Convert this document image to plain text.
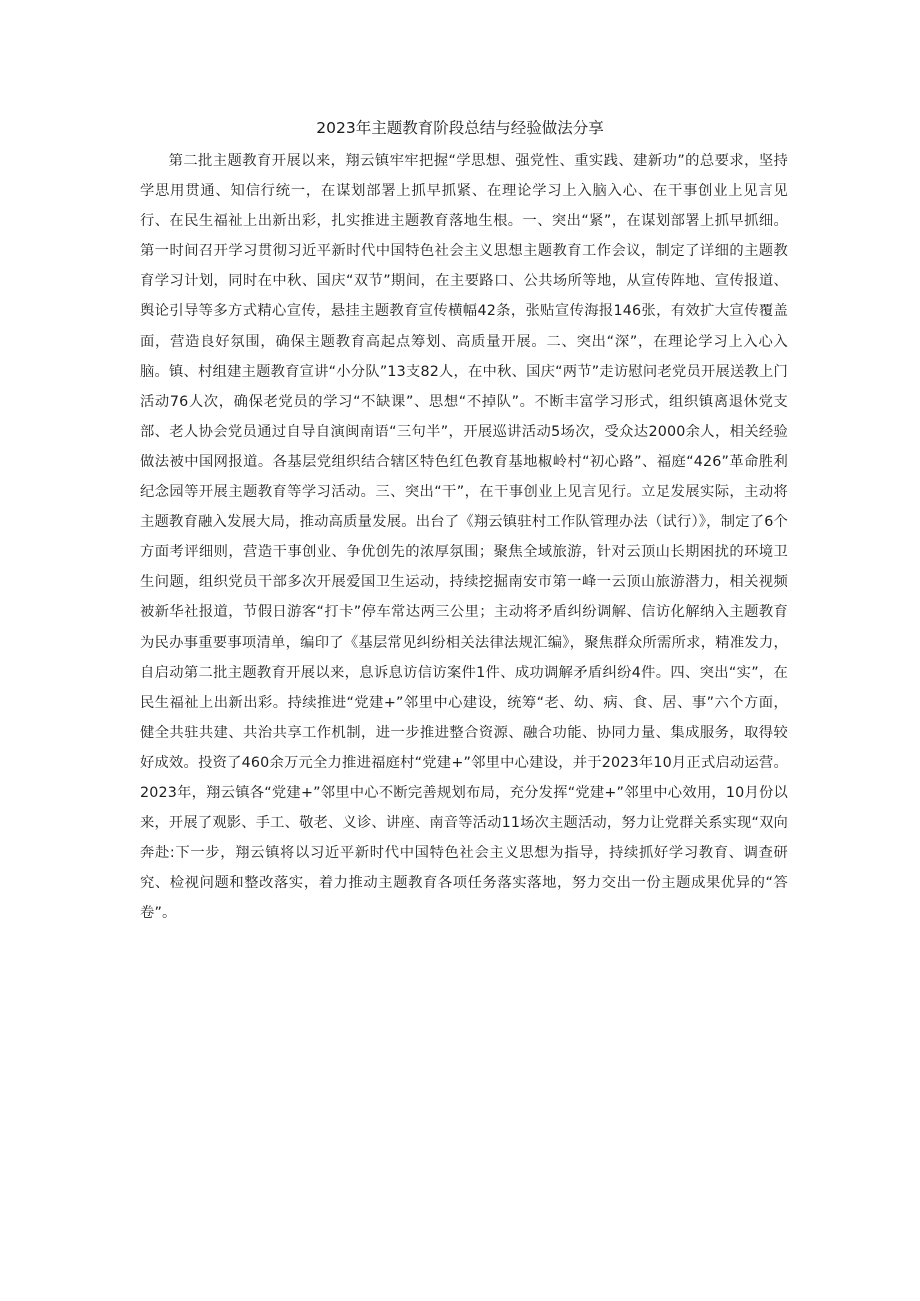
2023年主题教育阶段总结与经验做法分享

第二批主题教育开展以来，翔云镇牢牢把握“学思想、强党性、重实践、建新功”的总要求，坚持学思用贯通、知信行统一，在谋划部署上抓早抓紧、在理论学习上入脑入心、在干事创业上见言见行、在民生福祉上出新出彩，扎实推进主题教育落地生根。一、突出“紧”，在谋划部署上抓早抓细。第一时间召开学习贯彻习近平新时代中国特色社会主义思想主题教育工作会议，制定了详细的主题教育学习计划，同时在中秋、国庆“双节”期间，在主要路口、公共场所等地，从宣传阵地、宣传报道、舆论引导等多方式精心宣传，悬挂主题教育宣传横幅42条，张贴宣传海报146张，有效扩大宣传覆盖面，营造良好氛围，确保主题教育高起点筹划、高质量开展。二、突出“深”，在理论学习上入心入脑。镇、村组建主题教育宣讲“小分队”13支82人，在中秋、国庆“两节”走访慰问老党员开展送教上门活动76人次，确保老党员的学习“不缺课”、思想“不掉队”。不断丰富学习形式，组织镇离退休党支部、老人协会党员通过自导自演闽南语“三句半”，开展巡讲活动5场次，受众达2000余人，相关经验做法被中国网报道。各基层党组织结合辖区特色红色教育基地椒岭村“初心路”、福庭“426”革命胜利纪念园等开展主题教育等学习活动。三、突出“干”，在干事创业上见言见行。立足发展实际，主动将主题教育融入发展大局，推动高质量发展。出台了《翔云镇驻村工作队管理办法（试行）》，制定了6个方面考评细则，营造干事创业、争优创先的浓厚氛围；聚焦全域旅游，针对云顶山长期困扰的环境卫生问题，组织党员干部多次开展爱国卫生运动，持续挖掘南安市第一峰一云顶山旅游潜力，相关视频被新华社报道，节假日游客“打卡”停车常达两三公里；主动将矛盾纠纷调解、信访化解纳入主题教育为民办事重要事项清单，编印了《基层常见纠纷相关法律法规汇编》，聚焦群众所需所求，精准发力，自启动第二批主题教育开展以来，息诉息访信访案件1件、成功调解矛盾纠纷4件。四、突出“实”，在民生福祉上出新出彩。持续推进“党建+”邻里中心建设，统筹“老、幼、病、食、居、事”六个方面，健全共驻共建、共治共享工作机制，进一步推进整合资源、融合功能、协同力量、集成服务，取得较好成效。投资了460余万元全力推进福庭村“党建+”邻里中心建设，并于2023年10月正式启动运营。2023年，翔云镇各“党建+”邻里中心不断完善规划布局，充分发挥“党建+”邻里中心效用，10月份以来，开展了观影、手工、敬老、义诊、讲座、南音等活动11场次主题活动，努力让党群关系实现“双向奔赴:下一步，翔云镇将以习近平新时代中国特色社会主义思想为指导，持续抓好学习教育、调查研究、检视问题和整改落实，着力推动主题教育各项任务落实落地，努力交出一份主题成果优异的“答卷”。
